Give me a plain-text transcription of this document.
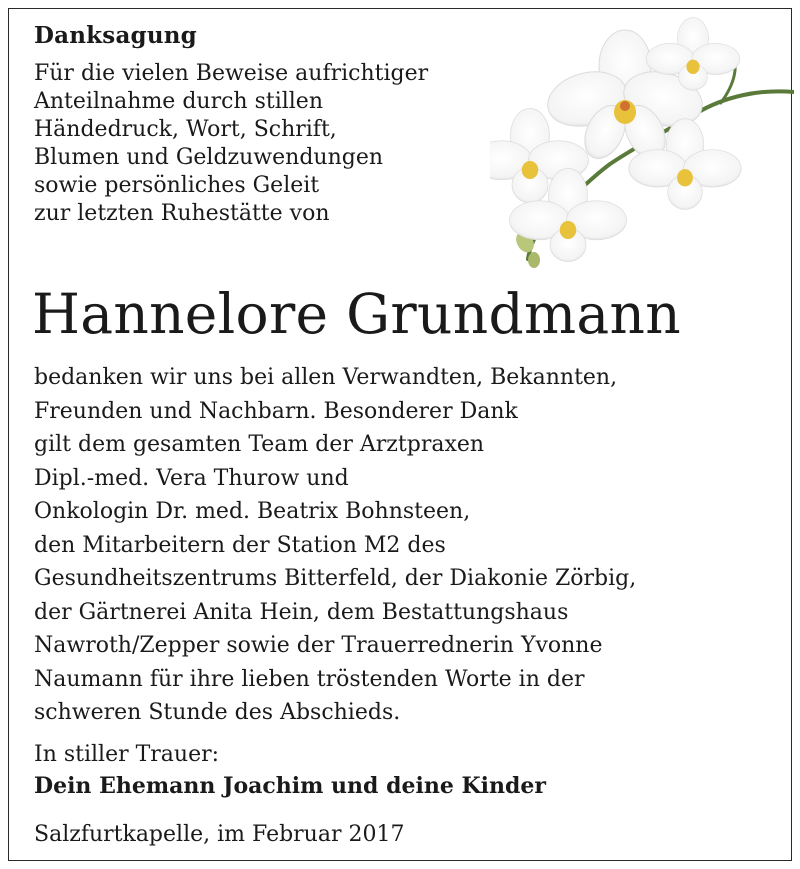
Danksagung
Für die vielen Beweise aufrichtiger
Anteilnahme durch stillen
Händedruck, Wort, Schrift,
Blumen und Geldzuwendungen
sowie persönliches Geleit
zur letzten Ruhestätte von
Hannelore Grundmann
bedanken wir uns bei allen Verwandten, Bekannten,
Freunden und Nachbarn. Besonderer Dank
gilt dem gesamten Team der Arztpraxen
Dipl.-med. Vera Thurow und
Onkologin Dr. med. Beatrix Bohnsteen,
den Mitarbeitern der Station M2 des
Gesundheitszentrums Bitterfeld, der Diakonie Zörbig,
der Gärtnerei Anita Hein, dem Bestattungshaus
Nawroth/Zepper sowie der Trauerrednerin Yvonne
Naumann für ihre lieben tröstenden Worte in der
schweren Stunde des Abschieds.
In stiller Trauer:
Dein Ehemann Joachim und deine Kinder
Salzfurtkapelle, im Februar 2017
